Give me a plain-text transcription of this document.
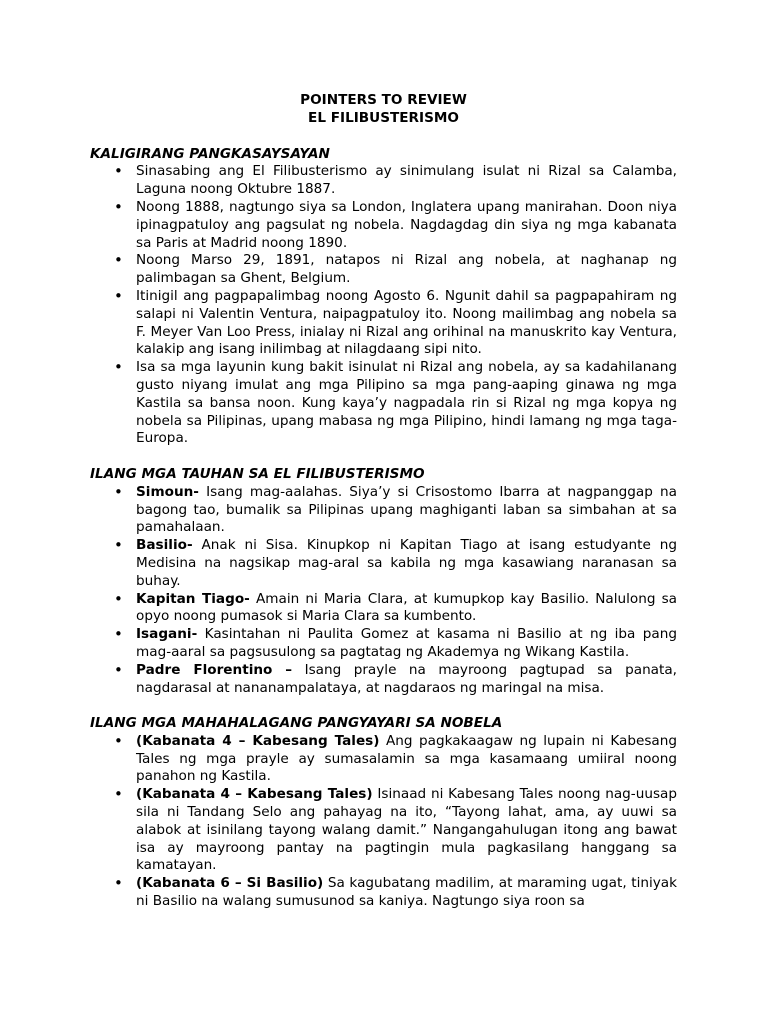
POINTERS TO REVIEW

EL FILIBUSTERISMO

KALIGIRANG PANGKASAYSAYAN

• Sinasabing ang El Filibusterismo ay sinimulang isulat ni Rizal sa Calamba, Laguna noong Oktubre 1887.
• Noong 1888, nagtungo siya sa London, Inglatera upang manirahan. Doon niya ipinagpatuloy ang pagsulat ng nobela. Nagdagdag din siya ng mga kabanata sa Paris at Madrid noong 1890.
• Noong Marso 29, 1891, natapos ni Rizal ang nobela, at naghanap ng palimbagan sa Ghent, Belgium.
• Itinigil ang pagpapalimbag noong Agosto 6. Ngunit dahil sa pagpapahiram ng salapi ni Valentin Ventura, naipagpatuloy ito. Noong mailimbag ang nobela sa F. Meyer Van Loo Press, inialay ni Rizal ang orihinal na manuskrito kay Ventura, kalakip ang isang inilimbag at nilagdaang sipi nito.
• Isa sa mga layunin kung bakit isinulat ni Rizal ang nobela, ay sa kadahilanang gusto niyang imulat ang mga Pilipino sa mga pang-aaping ginawa ng mga Kastila sa bansa noon. Kung kaya’y nagpadala rin si Rizal ng mga kopya ng nobela sa Pilipinas, upang mabasa ng mga Pilipino, hindi lamang ng mga taga-Europa.

ILANG MGA TAUHAN SA EL FILIBUSTERISMO

• Simoun- Isang mag-aalahas. Siya’y si Crisostomo Ibarra at nagpanggap na bagong tao, bumalik sa Pilipinas upang maghiganti laban sa simbahan at sa pamahalaan.
• Basilio- Anak ni Sisa. Kinupkop ni Kapitan Tiago at isang estudyante ng Medisina na nagsikap mag-aral sa kabila ng mga kasawiang naranasan sa buhay.
• Kapitan Tiago- Amain ni Maria Clara, at kumupkop kay Basilio. Nalulong sa opyo noong pumasok si Maria Clara sa kumbento.
• Isagani- Kasintahan ni Paulita Gomez at kasama ni Basilio at ng iba pang mag-aaral sa pagsusulong sa pagtatag ng Akademya ng Wikang Kastila.
• Padre Florentino – Isang prayle na mayroong pagtupad sa panata, nagdarasal at nananampalataya, at nagdaraos ng maringal na misa.

ILANG MGA MAHAHALAGANG PANGYAYARI SA NOBELA

• (Kabanata 4 – Kabesang Tales) Ang pagkakaagaw ng lupain ni Kabesang Tales ng mga prayle ay sumasalamin sa mga kasamaang umiiral noong panahon ng Kastila.
• (Kabanata 4 – Kabesang Tales) Isinaad ni Kabesang Tales noong nag-uusap sila ni Tandang Selo ang pahayag na ito, “Tayong lahat, ama, ay uuwi sa alabok at isinilang tayong walang damit.” Nangangahulugan itong ang bawat isa ay mayroong pantay na pagtingin mula pagkasilang hanggang sa kamatayan.
• (Kabanata 6 – Si Basilio) Sa kagubatang madilim, at maraming ugat, tiniyak ni Basilio na walang sumusunod sa kaniya. Nagtungo siya roon sa
